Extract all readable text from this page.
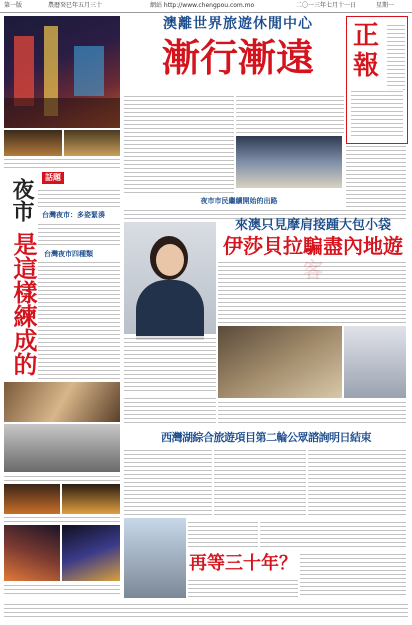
第一版	農曆癸巳年五月三十	網站 http://www.chengpou.com.mo	二〇一三年七月十一日	星期一
澳離世界旅遊休閒中心
漸行漸遠	正報
話題
夜市
是這樣練成的
台灣夜市：多姿緊湊
台灣夜市四種類
夜市市民繼續開始的出路
來澳只見摩肩接踵大包小袋
伊莎貝拉騙盡內地遊
西灣湖綜合旅遊項目第二輪公眾諮詢明日結束
再等三十年？
